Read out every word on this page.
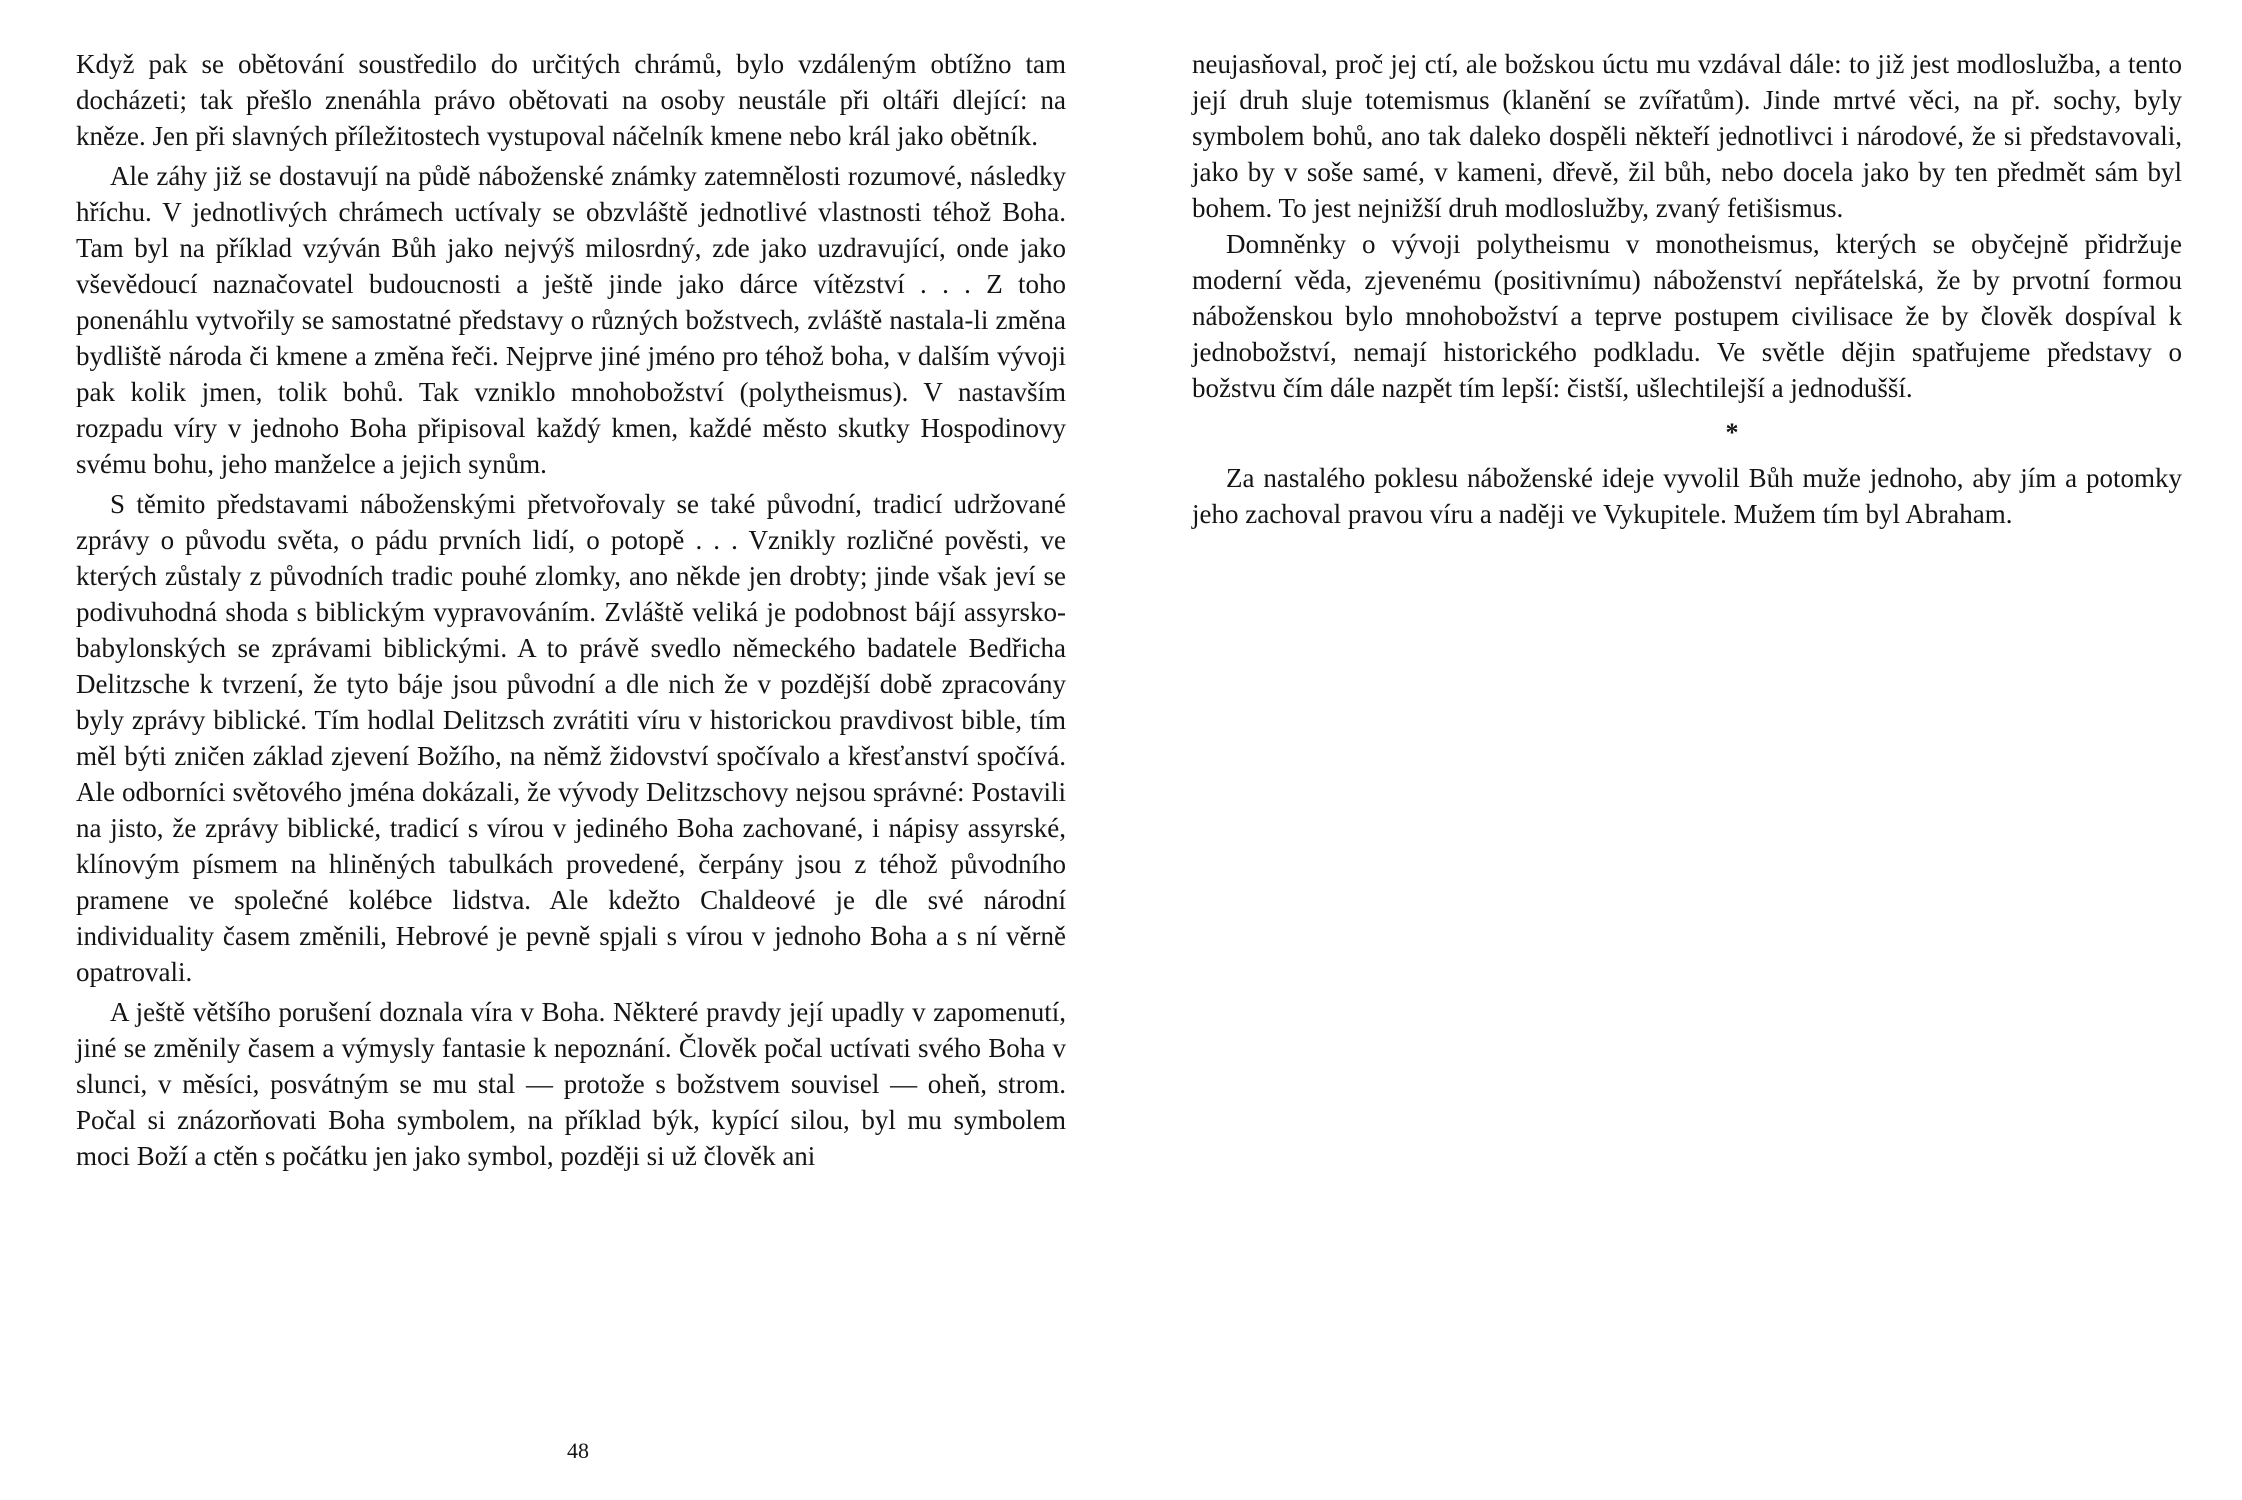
Když pak se obětování soustředilo do určitých chrámů, bylo vzdáleným obtížno tam docházeti; tak přešlo znenáhla právo obětovati na osoby neustále při oltáři dlející: na kněze. Jen při slavných příležitostech vystupoval náčelník kmene nebo král jako obětník.

Ale záhy již se dostavují na půdě náboženské známky zatemnělosti rozumové, následky hříchu. V jednotlivých chrámech uctívaly se obzvláště jednotlivé vlastnosti téhož Boha. Tam byl na příklad vzýván Bůh jako nejvýš milosrdný, zde jako uzdravující, onde jako vševědoucí naznačovatel budoucnosti a ještě jinde jako dárce vítězství . . . Z toho ponenáhlu vytvořily se samostatné představy o různých božstvech, zvláště nastala-li změna bydliště národa či kmene a změna řeči. Nejprve jiné jméno pro téhož boha, v dalším vývoji pak kolik jmen, tolik bohů. Tak vzniklo mnohobožství (polytheismus). V nastavším rozpadu víry v jednoho Boha připisoval každý kmen, každé město skutky Hospodinovy svému bohu, jeho manželce a jejich synům.

S těmito představami náboženskými přetvořovaly se také původní, tradicí udržované zprávy o původu světa, o pádu prvních lidí, o potopě . . . Vznikly rozličné pověsti, ve kterých zůstaly z původních tradic pouhé zlomky, ano někde jen drobty; jinde však jeví se podivuhodná shoda s biblickým vypravováním. Zvláště veliká je podobnost bájí assyrsko-babylonských se zprávami biblickými. A to právě svedlo německého badatele Bedřicha Delitzsche k tvrzení, že tyto báje jsou původní a dle nich že v pozdější době zpracovány byly zprávy biblické. Tím hodlal Delitzsch zvrátiti víru v historickou pravdivost bible, tím měl býti zničen základ zjevení Božího, na němž židovství spočívalo a křesťanství spočívá. Ale odborníci světového jména dokázali, že vývody Delitzschovy nejsou správné: Postavili na jisto, že zprávy biblické, tradicí s vírou v jediného Boha zachované, i nápisy assyrské, klínovým písmem na hliněných tabulkách provedené, čerpány jsou z téhož původního pramene ve společné kolébce lidstva. Ale kdežto Chaldeové je dle své národní individuality časem změnili, Hebrové je pevně spjali s vírou v jednoho Boha a s ní věrně opatrovali.

A ještě většího porušení doznala víra v Boha. Některé pravdy její upadly v zapomenutí, jiné se změnily časem a výmysly fantasie k nepoznání. Člověk počal uctívati svého Boha v slunci, v měsíci, posvátným se mu stal — protože s božstvem souvisel — oheň, strom. Počal si znázorňovati Boha symbolem, na příklad býk, kypící silou, byl mu symbolem moci Boží a ctěn s počátku jen jako symbol, později si už člověk ani

48

neujasňoval, proč jej ctí, ale božskou úctu mu vzdával dále: to již jest modloslužba, a tento její druh sluje totemismus (klanění se zvířatům). Jinde mrtvé věci, na př. sochy, byly symbolem bohů, ano tak daleko dospěli někteří jednotlivci i národové, že si představovali, jako by v soše samé, v kameni, dřevě, žil bůh, nebo docela jako by ten předmět sám byl bohem. To jest nejnižší druh modloslužby, zvaný fetišismus.

Domněnky o vývoji polytheismu v monotheismus, kterých se obyčejně přidržuje moderní věda, zjevenému (positivnímu) náboženství nepřátelská, že by prvotní formou náboženskou bylo mnohobožství a teprve postupem civilisace že by člověk dospíval k jednobožství, nemají historického podkladu. Ve světle dějin spatřujeme představy o božstvu čím dále nazpět tím lepší: čistší, ušlechtilejší a jednodušší.

*

Za nastalého poklesu náboženské ideje vyvolil Bůh muže jednoho, aby jím a potomky jeho zachoval pravou víru a naději ve Vykupitele. Mužem tím byl Abraham.
